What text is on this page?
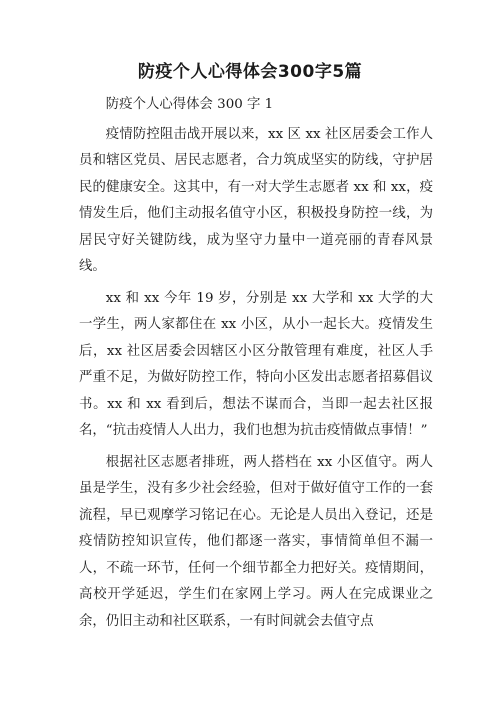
防疫个人心得体会300字5篇

防疫个人心得体会 300 字 1

疫情防控阻击战开展以来，xx 区 xx 社区居委会工作人员和辖区党员、居民志愿者，合力筑成坚实的防线，守护居民的健康安全。这其中，有一对大学生志愿者 xx 和 xx，疫情发生后，他们主动报名值守小区，积极投身防控一线，为居民守好关键防线，成为坚守力量中一道亮丽的青春风景线。

xx 和 xx 今年 19 岁，分别是 xx 大学和 xx 大学的大一学生，两人家都住在 xx 小区，从小一起长大。疫情发生后，xx 社区居委会因辖区小区分散管理有难度，社区人手严重不足，为做好防控工作，特向小区发出志愿者招募倡议书。xx 和 xx 看到后，想法不谋而合，当即一起去社区报名，“抗击疫情人人出力，我们也想为抗击疫情做点事情！”

根据社区志愿者排班，两人搭档在 xx 小区值守。两人虽是学生，没有多少社会经验，但对于做好值守工作的一套流程，早已观摩学习铭记在心。无论是人员出入登记，还是疫情防控知识宣传，他们都逐一落实，事情简单但不漏一人，不疏一环节，任何一个细节都全力把好关。疫情期间，高校开学延迟，学生们在家网上学习。两人在完成课业之余，仍旧主动和社区联系，一有时间就会去值守点
